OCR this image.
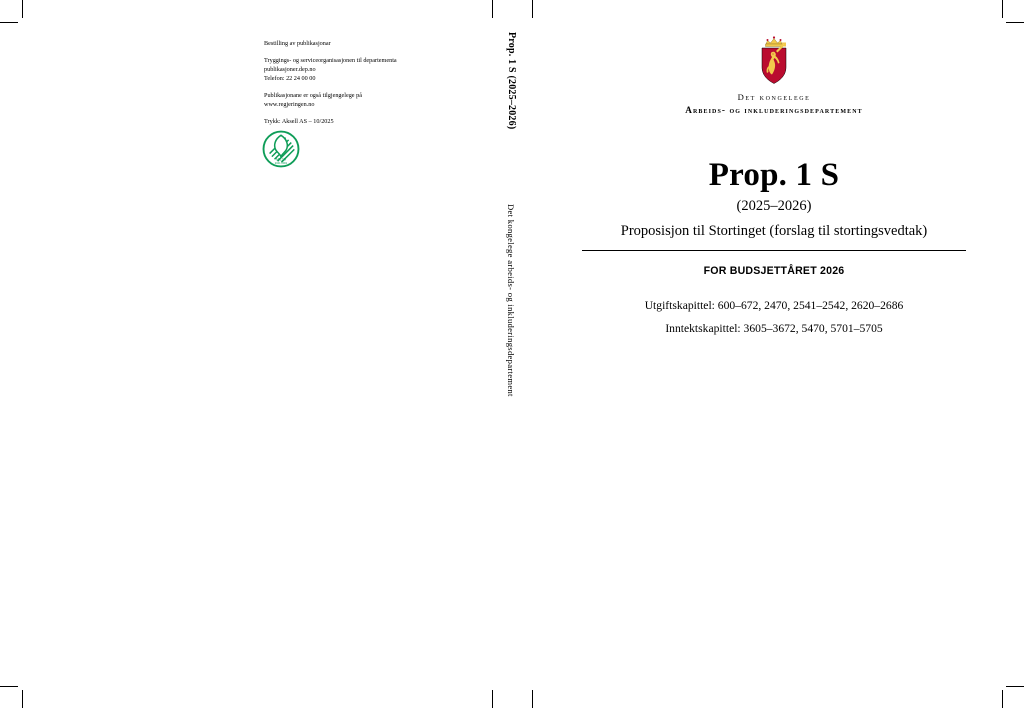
Bestilling av publikasjonar

Tryggings- og serviceorganisasjonen til departementa
publikasjoner.dep.no
Telefon: 22 24 00 00

Publikasjonane er også tilgjengelege på
www.regjeringen.no

Trykk: Aksell AS – 10/2025

MILJØ
2041 0001
Prop. 1 S (2025–2026)
Det kongelege arbeids- og inkluderingsdepartement
Det kongelege
Arbeids- og inkluderingsdepartement
Prop. 1 S
(2025–2026)
Proposisjon til Stortinget (forslag til stortingsvedtak)
FOR BUDSJETTÅRET 2026
Utgiftskapittel: 600–672, 2470, 2541–2542, 2620–2686
Inntektskapittel: 3605–3672, 5470, 5701–5705
